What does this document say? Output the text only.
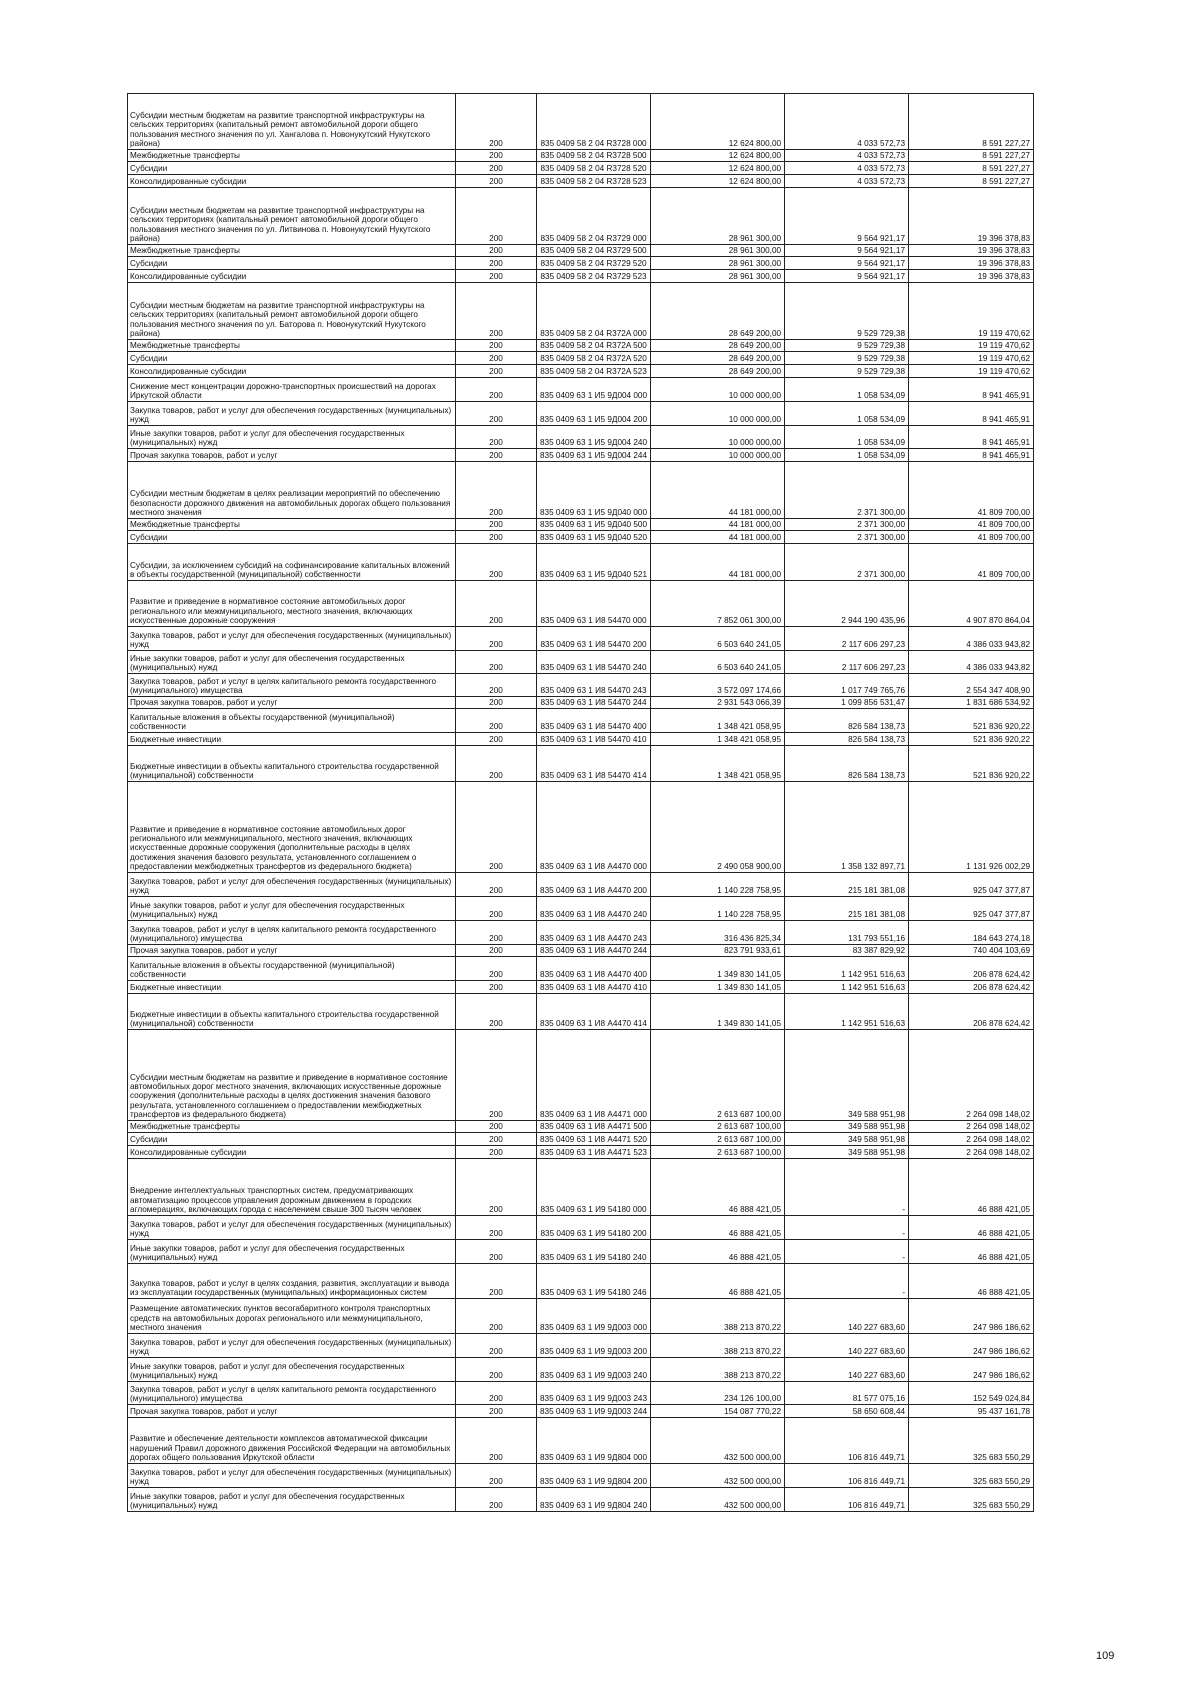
Субсидии местным бюджетам на развитие транспортной инфраструктуры на сельских территориях (капитальный ремонт автомобильной дороги общего пользования местного значения по ул. Хангалова п. Новонукутский Нукутского района)	200	835 0409 58 2 04 R3728 000	12 624 800,00	4 033 572,73	8 591 227,27
Межбюджетные трансферты	200	835 0409 58 2 04 R3728 500	12 624 800,00	4 033 572,73	8 591 227,27
Субсидии	200	835 0409 58 2 04 R3728 520	12 624 800,00	4 033 572,73	8 591 227,27
Консолидированные субсидии	200	835 0409 58 2 04 R3728 523	12 624 800,00	4 033 572,73	8 591 227,27
Субсидии местным бюджетам на развитие транспортной инфраструктуры на сельских территориях (капитальный ремонт автомобильной дороги общего пользования местного значения по ул. Литвинова п. Новонукутский Нукутского района)	200	835 0409 58 2 04 R3729 000	28 961 300,00	9 564 921,17	19 396 378,83
Межбюджетные трансферты	200	835 0409 58 2 04 R3729 500	28 961 300,00	9 564 921,17	19 396 378,83
Субсидии	200	835 0409 58 2 04 R3729 520	28 961 300,00	9 564 921,17	19 396 378,83
Консолидированные субсидии	200	835 0409 58 2 04 R3729 523	28 961 300,00	9 564 921,17	19 396 378,83
Субсидии местным бюджетам на развитие транспортной инфраструктуры на сельских территориях (капитальный ремонт автомобильной дороги общего пользования местного значения по ул. Баторова п. Новонукутский Нукутского района)	200	835 0409 58 2 04 R372A 000	28 649 200,00	9 529 729,38	19 119 470,62
Межбюджетные трансферты	200	835 0409 58 2 04 R372A 500	28 649 200,00	9 529 729,38	19 119 470,62
Субсидии	200	835 0409 58 2 04 R372A 520	28 649 200,00	9 529 729,38	19 119 470,62
Консолидированные субсидии	200	835 0409 58 2 04 R372A 523	28 649 200,00	9 529 729,38	19 119 470,62
Снижение мест концентрации дорожно-транспортных происшествий на дорогах Иркутской области	200	835 0409 63 1 И5 9Д004 000	10 000 000,00	1 058 534,09	8 941 465,91
Закупка товаров, работ и услуг для обеспечения государственных (муниципальных) нужд	200	835 0409 63 1 И5 9Д004 200	10 000 000,00	1 058 534,09	8 941 465,91
Иные закупки товаров, работ и услуг для обеспечения государственных (муниципальных) нужд	200	835 0409 63 1 И5 9Д004 240	10 000 000,00	1 058 534,09	8 941 465,91
Прочая закупка товаров, работ и услуг	200	835 0409 63 1 И5 9Д004 244	10 000 000,00	1 058 534,09	8 941 465,91
Субсидии местным бюджетам в целях реализации мероприятий по обеспечению безопасности дорожного движения на автомобильных дорогах общего пользования местного значения	200	835 0409 63 1 И5 9Д040 000	44 181 000,00	2 371 300,00	41 809 700,00
Межбюджетные трансферты	200	835 0409 63 1 И5 9Д040 500	44 181 000,00	2 371 300,00	41 809 700,00
Субсидии	200	835 0409 63 1 И5 9Д040 520	44 181 000,00	2 371 300,00	41 809 700,00
Субсидии, за исключением субсидий на софинансирование капитальных вложений в объекты государственной (муниципальной) собственности	200	835 0409 63 1 И5 9Д040 521	44 181 000,00	2 371 300,00	41 809 700,00
Развитие и приведение в нормативное состояние автомобильных дорог регионального или межмуниципального, местного значения, включающих искусственные дорожные сооружения	200	835 0409 63 1 И8 54470 000	7 852 061 300,00	2 944 190 435,96	4 907 870 864,04
Закупка товаров, работ и услуг для обеспечения государственных (муниципальных) нужд	200	835 0409 63 1 И8 54470 200	6 503 640 241,05	2 117 606 297,23	4 386 033 943,82
Иные закупки товаров, работ и услуг для обеспечения государственных (муниципальных) нужд	200	835 0409 63 1 И8 54470 240	6 503 640 241,05	2 117 606 297,23	4 386 033 943,82
Закупка товаров, работ и услуг в целях капитального ремонта государственного (муниципального) имущества	200	835 0409 63 1 И8 54470 243	3 572 097 174,66	1 017 749 765,76	2 554 347 408,90
Прочая закупка товаров, работ и услуг	200	835 0409 63 1 И8 54470 244	2 931 543 066,39	1 099 856 531,47	1 831 686 534,92
Капитальные вложения в объекты государственной (муниципальной) собственности	200	835 0409 63 1 И8 54470 400	1 348 421 058,95	826 584 138,73	521 836 920,22
Бюджетные инвестиции	200	835 0409 63 1 И8 54470 410	1 348 421 058,95	826 584 138,73	521 836 920,22
Бюджетные инвестиции в объекты капитального строительства государственной (муниципальной) собственности	200	835 0409 63 1 И8 54470 414	1 348 421 058,95	826 584 138,73	521 836 920,22
Развитие и приведение в нормативное состояние автомобильных дорог регионального или межмуниципального, местного значения, включающих искусственные дорожные сооружения (дополнительные расходы в целях достижения значения базового результата, установленного соглашением о предоставлении межбюджетных трансфертов из федерального бюджета)	200	835 0409 63 1 И8 А4470 000	2 490 058 900,00	1 358 132 897,71	1 131 926 002,29
Закупка товаров, работ и услуг для обеспечения государственных (муниципальных) нужд	200	835 0409 63 1 И8 А4470 200	1 140 228 758,95	215 181 381,08	925 047 377,87
Иные закупки товаров, работ и услуг для обеспечения государственных (муниципальных) нужд	200	835 0409 63 1 И8 А4470 240	1 140 228 758,95	215 181 381,08	925 047 377,87
Закупка товаров, работ и услуг в целях капитального ремонта государственного (муниципального) имущества	200	835 0409 63 1 И8 А4470 243	316 436 825,34	131 793 551,16	184 643 274,18
Прочая закупка товаров, работ и услуг	200	835 0409 63 1 И8 А4470 244	823 791 933,61	83 387 829,92	740 404 103,69
Капитальные вложения в объекты государственной (муниципальной) собственности	200	835 0409 63 1 И8 А4470 400	1 349 830 141,05	1 142 951 516,63	206 878 624,42
Бюджетные инвестиции	200	835 0409 63 1 И8 А4470 410	1 349 830 141,05	1 142 951 516,63	206 878 624,42
Бюджетные инвестиции в объекты капитального строительства государственной (муниципальной) собственности	200	835 0409 63 1 И8 А4470 414	1 349 830 141,05	1 142 951 516,63	206 878 624,42
Субсидии местным бюджетам на развитие и приведение в нормативное состояние автомобильных дорог местного значения, включающих искусственные дорожные сооружения (дополнительные расходы в целях достижения значения базового результата, установленного соглашением о предоставлении межбюджетных трансфертов из федерального бюджета)	200	835 0409 63 1 И8 А4471 000	2 613 687 100,00	349 588 951,98	2 264 098 148,02
Межбюджетные трансферты	200	835 0409 63 1 И8 А4471 500	2 613 687 100,00	349 588 951,98	2 264 098 148,02
Субсидии	200	835 0409 63 1 И8 А4471 520	2 613 687 100,00	349 588 951,98	2 264 098 148,02
Консолидированные субсидии	200	835 0409 63 1 И8 А4471 523	2 613 687 100,00	349 588 951,98	2 264 098 148,02
Внедрение интеллектуальных транспортных систем, предусматривающих автоматизацию процессов управления дорожным движением в городских агломерациях, включающих города с населением свыше 300 тысяч человек	200	835 0409 63 1 И9 54180 000	46 888 421,05	-	46 888 421,05
Закупка товаров, работ и услуг для обеспечения государственных (муниципальных) нужд	200	835 0409 63 1 И9 54180 200	46 888 421,05	-	46 888 421,05
Иные закупки товаров, работ и услуг для обеспечения государственных (муниципальных) нужд	200	835 0409 63 1 И9 54180 240	46 888 421,05	-	46 888 421,05
Закупка товаров, работ и услуг в целях создания, развития, эксплуатации и вывода из эксплуатации государственных (муниципальных) информационных систем	200	835 0409 63 1 И9 54180 246	46 888 421,05	-	46 888 421,05
Размещение автоматических пунктов весогабаритного контроля транспортных средств на автомобильных дорогах регионального или межмуниципального, местного значения	200	835 0409 63 1 И9 9Д003 000	388 213 870,22	140 227 683,60	247 986 186,62
Закупка товаров, работ и услуг для обеспечения государственных (муниципальных) нужд	200	835 0409 63 1 И9 9Д003 200	388 213 870,22	140 227 683,60	247 986 186,62
Иные закупки товаров, работ и услуг для обеспечения государственных (муниципальных) нужд	200	835 0409 63 1 И9 9Д003 240	388 213 870,22	140 227 683,60	247 986 186,62
Закупка товаров, работ и услуг в целях капитального ремонта государственного (муниципального) имущества	200	835 0409 63 1 И9 9Д003 243	234 126 100,00	81 577 075,16	152 549 024,84
Прочая закупка товаров, работ и услуг	200	835 0409 63 1 И9 9Д003 244	154 087 770,22	58 650 608,44	95 437 161,78
Развитие и обеспечение деятельности комплексов автоматической фиксации нарушений Правил дорожного движения Российской Федерации на автомобильных дорогах общего пользования Иркутской области	200	835 0409 63 1 И9 9Д804 000	432 500 000,00	106 816 449,71	325 683 550,29
Закупка товаров, работ и услуг для обеспечения государственных (муниципальных) нужд	200	835 0409 63 1 И9 9Д804 200	432 500 000,00	106 816 449,71	325 683 550,29
Иные закупки товаров, работ и услуг для обеспечения государственных (муниципальных) нужд	200	835 0409 63 1 И9 9Д804 240	432 500 000,00	106 816 449,71	325 683 550,29
109
